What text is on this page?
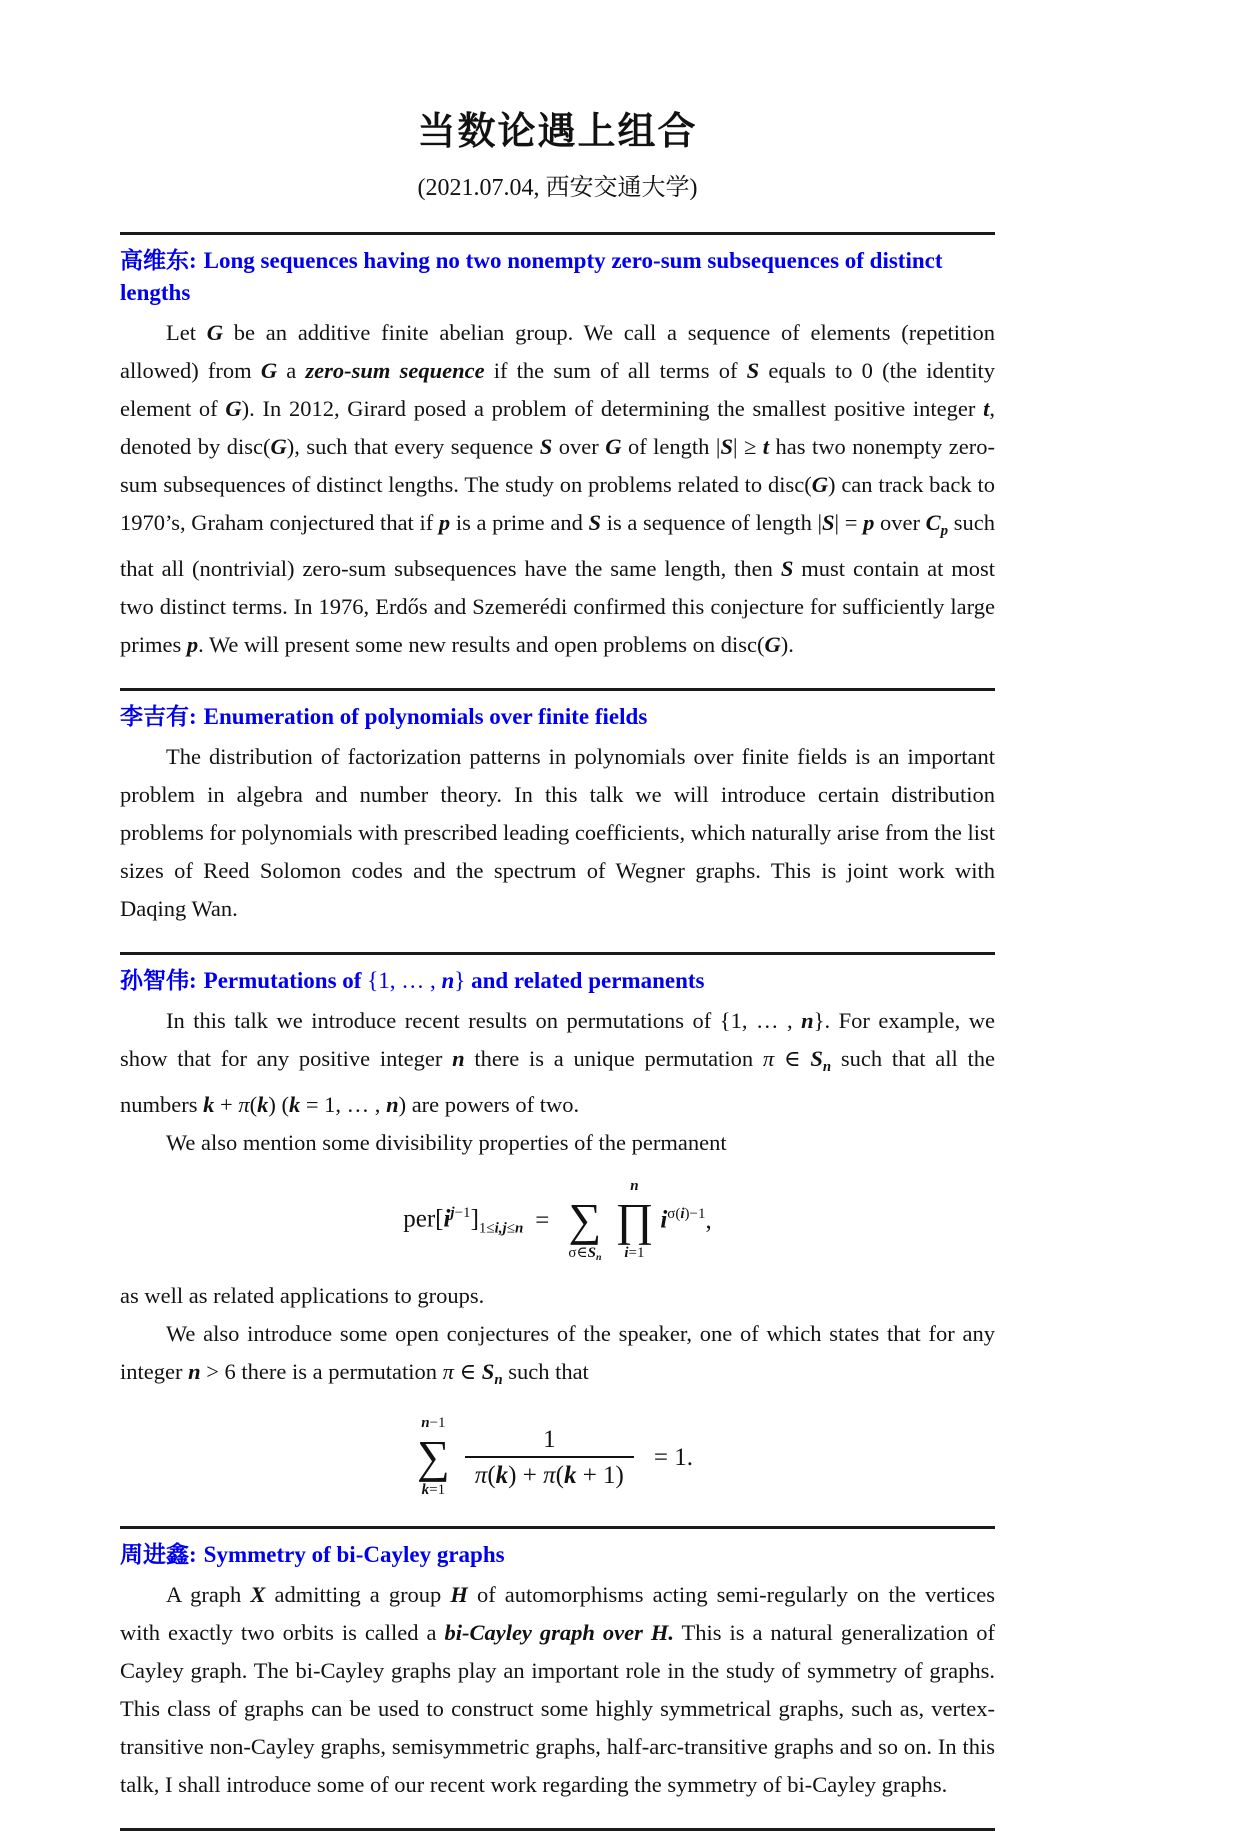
当数论遇上组合
(2021.07.04, 西安交通大学)
高维东: Long sequences having no two nonempty zero-sum subsequences of distinct lengths

Let G be an additive finite abelian group. We call a sequence of elements (repetition allowed) from G a zero-sum sequence if the sum of all terms of S equals to 0 (the identity element of G). In 2012, Girard posed a problem of determining the smallest positive integer t, denoted by disc(G), such that every sequence S over G of length |S| ≥ t has two nonempty zero-sum subsequences of distinct lengths. The study on problems related to disc(G) can track back to 1970’s, Graham conjectured that if p is a prime and S is a sequence of length |S| = p over $C_p$ such that all (nontrivial) zero-sum subsequences have the same length, then S must contain at most two distinct terms. In 1976, Erdős and Szemerédi confirmed this conjecture for sufficiently large primes p. We will present some new results and open problems on disc(G).

李吉有: Enumeration of polynomials over finite fields

The distribution of factorization patterns in polynomials over finite fields is an important problem in algebra and number theory. In this talk we will introduce certain distribution problems for polynomials with prescribed leading coefficients, which naturally arise from the list sizes of Reed Solomon codes and the spectrum of Wegner graphs. This is joint work with Daqing Wan.

孙智伟: Permutations of {1, … , n} and related permanents

In this talk we introduce recent results on permutations of {1, … , n}. For example, we show that for any positive integer n there is a unique permutation π ∈ $S_n$ such that all the numbers k + π(k) (k = 1, … , n) are powers of two.

We also mention some divisibility properties of the permanent

$per[i^{j-1}]_{1\le i,j\le n}$ =
∑
$\sigma\in S_n$
n
∏
i=1
$i^{\sigma(i)-1}$ ,

as well as related applications to groups.

We also introduce some open conjectures of the speaker, one of which states that for any integer n > 6 there is a permutation π ∈ $S_n$ such that

n−1
∑
k=1
$\frac{1}{\pi(k) + \pi(k + 1)} = 1$.
周进鑫: Symmetry of bi-Cayley graphs

A graph X admitting a group H of automorphisms acting semi-regularly on the vertices with exactly two orbits is called a bi-Cayley graph over H. This is a natural generalization of Cayley graph. The bi-Cayley graphs play an important role in the study of symmetry of graphs. This class of graphs can be used to construct some highly symmetrical graphs, such as, vertex-transitive non-Cayley graphs, semisymmetric graphs, half-arc-transitive graphs and so on. In this talk, I shall introduce some of our recent work regarding the symmetry of bi-Cayley graphs.
